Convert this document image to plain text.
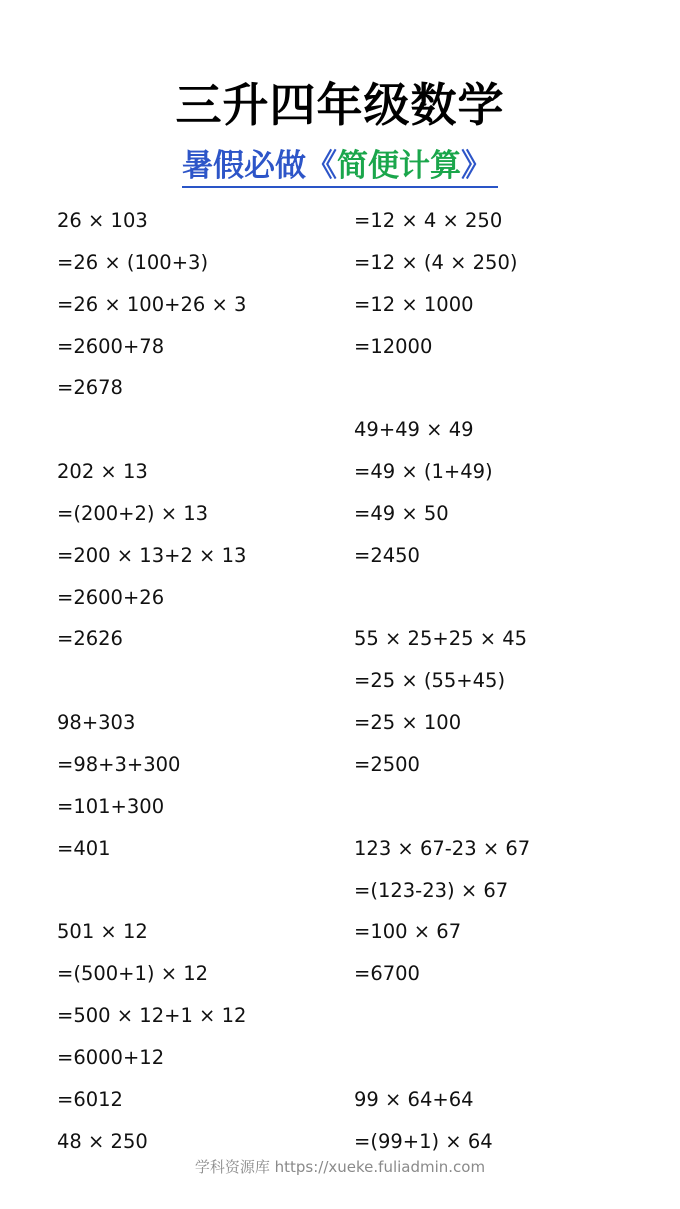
三升四年级数学
暑假必做《简便计算》
26 × 103
=26 × (100+3)
=26 × 100+26 × 3
=2600+78
=2678
202 × 13
=(200+2) × 13
=200 × 13+2 × 13
=2600+26
=2626
98+303
=98+3+300
=101+300
=401
501 × 12
=(500+1) × 12
=500 × 12+1 × 12
=6000+12
=6012
48 × 250
=12 × 4 × 250
=12 × (4 × 250)
=12 × 1000
=12000
49+49 × 49
=49 × (1+49)
=49 × 50
=2450
55 × 25+25 × 45
=25 × (55+45)
=25 × 100
=2500
123 × 67-23 × 67
=(123-23) × 67
=100 × 67
=6700
99 × 64+64
=(99+1) × 64
学科资源库 https://xueke.fuliadmin.com
